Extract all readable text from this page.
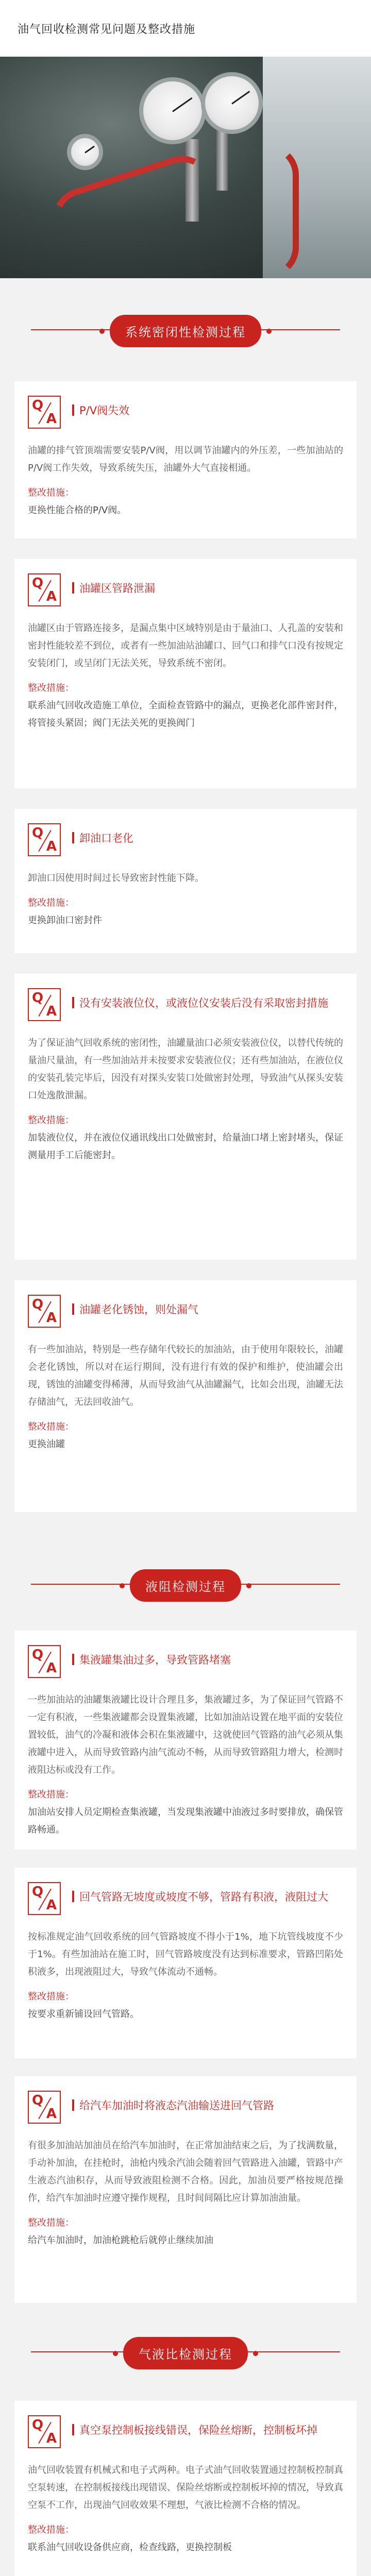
油气回收检测常见问题及整改措施
系统密闭性检测过程
Q
A
P/V阀失效
油罐的排气管顶端需要安装P/V阀，用以调节油罐内的外压差，一些加油站的P/V阀工作失效，导致系统失压，油罐外大气直接相通。
整改措施：
更换性能合格的P/V阀。
Q
A
油罐区管路泄漏
油罐区由于管路连接多，是漏点集中区域特别是由于量油口、人孔盖的安装和密封性能较差不到位，或者有一些加油站油罐口、回气口和排气口没有按规定安装闭门，或呈闭门无法关死，导致系统不密闭。
整改措施：
联系油气回收改造施工单位，全面检查管路中的漏点，更换老化部件密封件，将管接头紧固；阀门无法关死的更换阀门
Q
A
卸油口老化
卸油口因使用时间过长导致密封性能下降。
整改措施：
更换卸油口密封件
Q
A
没有安装液位仪，或液位仪安装后没有采取密封措施
为了保证油气回收系统的密闭性，油罐量油口必须安装液位仪，以替代传统的量油尺量油，有一些加油站并未按要求安装液位仪；还有些加油站，在液位仪的安装孔装完毕后，因没有对探头安装口处做密封处理，导致油气从探头安装口处逸散泄漏。
整改措施：
加装液位仪，并在液位仪通讯线出口处做密封，给量油口堵上密封堵头，保证测量用手工后能密封。
Q
A
油罐老化锈蚀，则处漏气
有一些加油站，特别是一些存储年代较长的加油站，由于使用年限较长，油罐会老化锈蚀，所以对在运行期间，没有进行有效的保护和维护，使油罐会出现，锈蚀的油罐变得稀薄，从而导致油气从油罐漏气，比如会出现，油罐无法存储油气，无法回收油气。
整改措施：
更换油罐
液阻检测过程
Q
A
集液罐集油过多，导致管路堵塞
一些加油站的油罐集液罐比设计合理且多，集液罐过多，为了保证回气管路不一定有积液，一些集液罐都会设置集液罐，比如加油站设置在地平面的安装位置较低，油气的冷凝和液体会积在集液罐中，这就使回气管路的油气必须从集液罐中进入，从而导致管路内油气流动不畅，从而导致管路阻力增大，检测时液阻达标或没有工作。
整改措施：
加油站安排人员定期检查集液罐，当发现集液罐中油液过多时要排放，确保管路畅通。
Q
A
回气管路无坡度或坡度不够，管路有积液，液阻过大
按标准规定油气回收系统的回气管路坡度不得小于1%，地下坑管线坡度不少于1%。有些加油站在施工时，回气管路坡度没有达到标准要求，管路凹陷处积液多，出现液阻过大，导致气体流动不通畅。
整改措施：
按要求重新铺设回气管路。
Q
A
给汽车加油时将液态汽油输送进回气管路
有很多加油站加油员在给汽车加油时，在正常加油结束之后，为了找满数量，手动补加油，在挂枪时，油枪内残余汽油会随着回气管路进入油罐，管路中产生液态汽油积存，从而导致液阻检测不合格。因此，加油员要严格按规范操作，给汽车加油时应遵守操作规程，且时间间隔比应计算加油油量。
整改措施：
给汽车加油时，加油枪跳枪后就停止继续加油
气液比检测过程
Q
A
真空泵控制板接线错误，保险丝熔断，控制板坏掉
油气回收装置有机械式和电子式两种。电子式油气回收装置通过控制板控制真空泵转速，在控制板接线出现错误、保险丝熔断或控制板坏掉的情况，导致真空泵不工作，出现油气回收效果不理想，气液比检测不合格的情况。
整改措施：
联系油气回收设备供应商，检查线路，更换控制板
